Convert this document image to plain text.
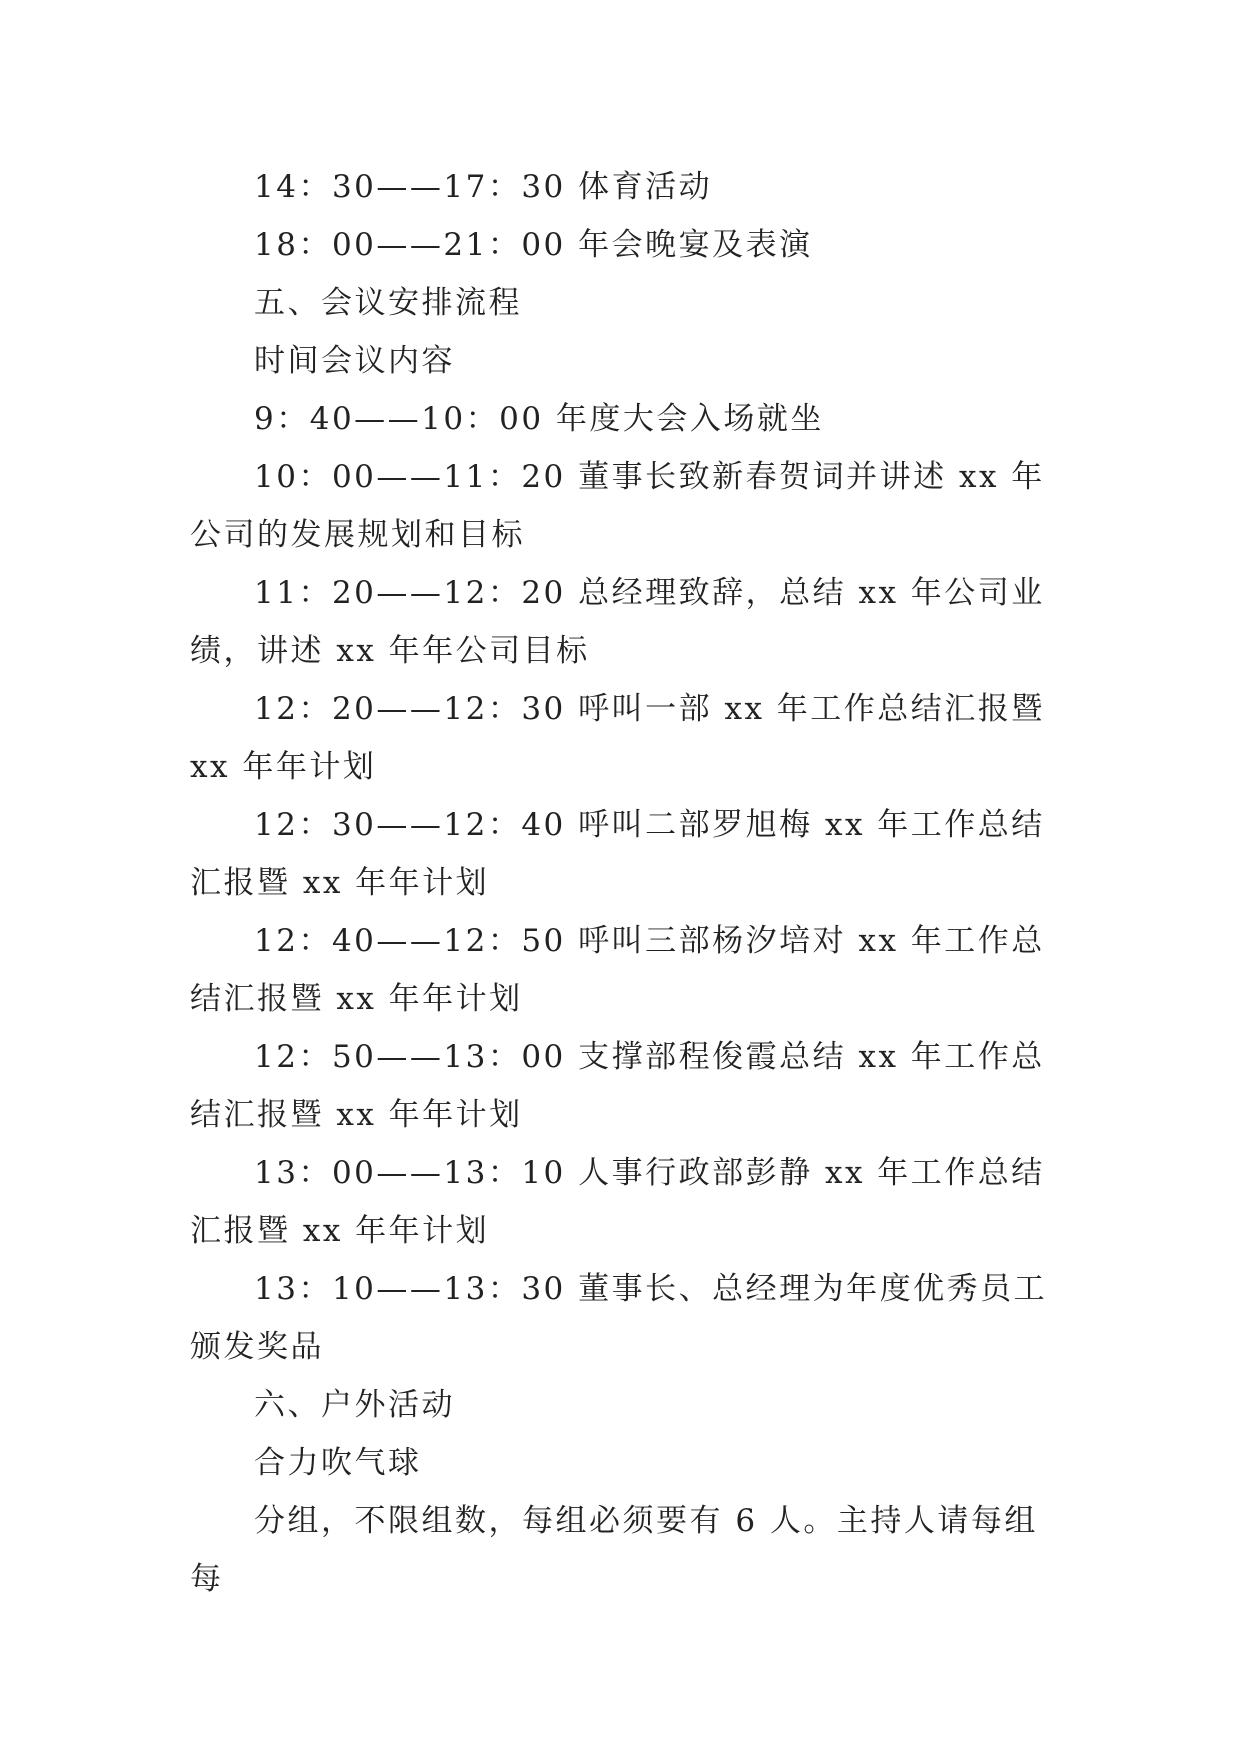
14：30——17：30 体育活动

18：00——21：00 年会晚宴及表演

五、会议安排流程

时间会议内容

9：40——10：00 年度大会入场就坐

10：00——11：20 董事长致新春贺词并讲述 xx 年公司的发展规划和目标

11：20——12：20 总经理致辞，总结 xx 年公司业绩，讲述 xx 年年公司目标

12：20——12：30 呼叫一部 xx 年工作总结汇报暨 xx 年年计划

12：30——12：40 呼叫二部罗旭梅 xx 年工作总结汇报暨 xx 年年计划

12：40——12：50 呼叫三部杨汐培对 xx 年工作总结汇报暨 xx 年年计划

12：50——13：00 支撑部程俊霞总结 xx 年工作总结汇报暨 xx 年年计划

13：00——13：10 人事行政部彭静 xx 年工作总结汇报暨 xx 年年计划

13：10——13：30 董事长、总经理为年度优秀员工颁发奖品

六、户外活动

合力吹气球

分组，不限组数，每组必须要有 6 人。主持人请每组每
